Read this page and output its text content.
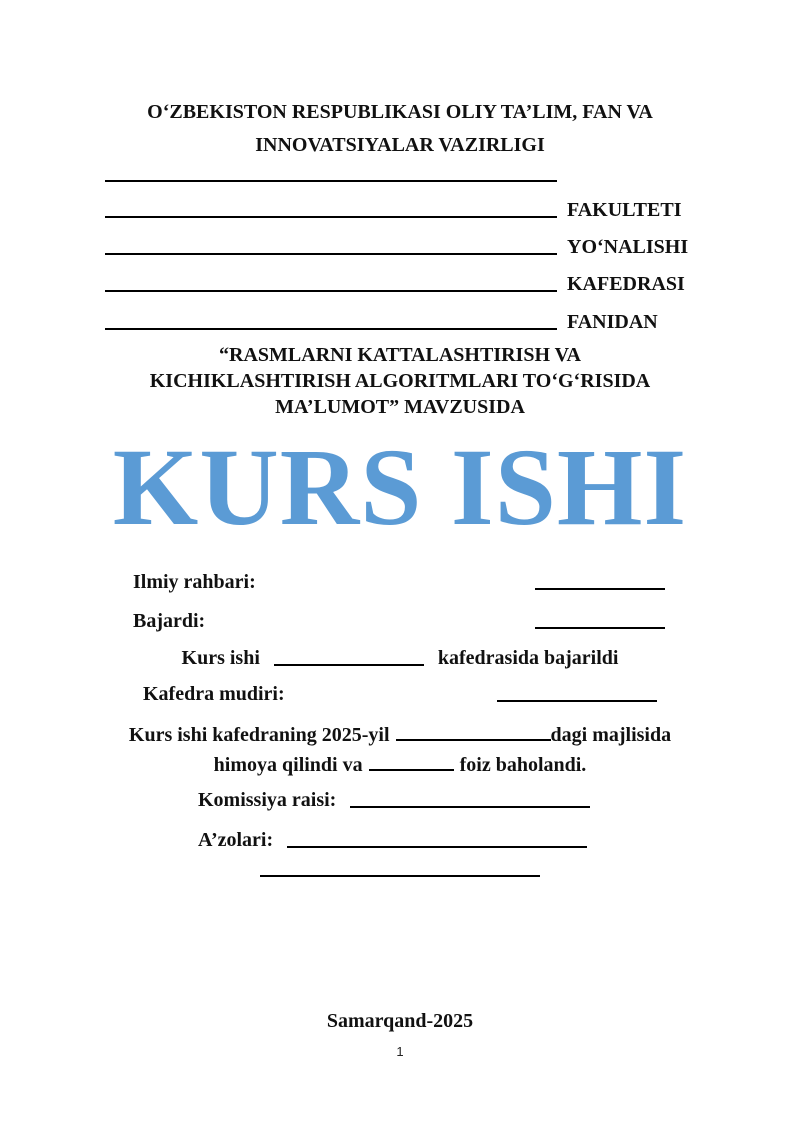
OʻZBEKISTON RESPUBLIKASI OLIY TA’LIM, FAN VA
INNOVATSIYALAR VAZIRLIGI
FAKULTETI
YOʻNALISHI
KAFEDRASI
FANIDAN
“RASMLARNI KATTALASHTIRISH VA
KICHIKLASHTIRISH ALGORITMLARI TOʻGʻRISIDA
MA’LUMOT” MAVZUSIDA
KURS ISHI
Ilmiy rahbari:
Bajardi:
Kurs ishi	kafedrasida bajarildi
Kafedra mudiri:
Kurs ishi kafedraning 2025-yil	dagi majlisida
himoya qilindi va	foiz baholandi.
Komissiya raisi:
A’zolari:
Samarqand-2025
1
